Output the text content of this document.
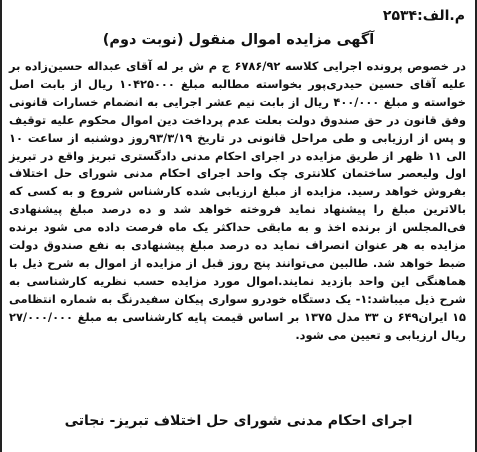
م.الف:۲۵۳۴
آگهی مزایده اموال منقول (نوبت دوم)
در خصوص پرونده اجرایی کلاسه ۶۷۸۶/۹۲ ج م ش بر له آقای عبداله حسین‌زاده بر علیه آقای حسین حیدری‌پور بخواسته مطالبه مبلغ ۱۰۴۲۵۰۰۰ ریال از بابت اصل خواسته و مبلغ ۴۰۰/۰۰۰ ریال از بابت نیم عشر اجرایی به انضمام خسارات قانونی وفق قانون در حق صندوق دولت بعلت عدم پرداخت دین اموال محکوم علیه توقیف و پس از ارزیابی و طی مراحل قانونی در تاریخ ۹۳/۳/۱۹روز دوشنبه از ساعت ۱۰ الی ۱۱ ظهر از طریق مزایده در اجرای احکام مدنی دادگستری تبریز واقع در تبریز اول ولیعصر ساختمان کلانتری چک واحد اجرای احکام مدنی شورای حل اختلاف بفروش خواهد رسید. مزایده از مبلغ ارزیابی شده کارشناس شروع و به کسی که بالاترین مبلغ را پیشنهاد نماید فروخته خواهد شد و ده درصد مبلغ پیشنهادی فی‌المجلس از برنده اخذ و به مابقی حداکثر یک ماه فرصت داده می شود برنده مزایده به هر عنوان انصراف نماید ده درصد مبلغ پیشنهادی به نفع صندوق دولت ضبط خواهد شد. طالبین می‌توانند پنج روز قبل از مزایده از اموال به شرح ذیل با هماهنگی این واحد بازدید نمایند.اموال مورد مزایده حسب نظریه کارشناسی به شرح ذیل میباشد:۱- یک دستگاه خودرو سواری پیکان سفیدرنگ به شماره انتظامی ۱۵ ایران۶۴۹ ن ۳۳ مدل ۱۳۷۵ بر اساس قیمت پایه کارشناسی به مبلغ ۲۷/۰۰۰/۰۰۰ ریال ارزیابی و تعیین می شود.
اجرای احکام مدنی شورای حل اختلاف تبریز- نجاتی
